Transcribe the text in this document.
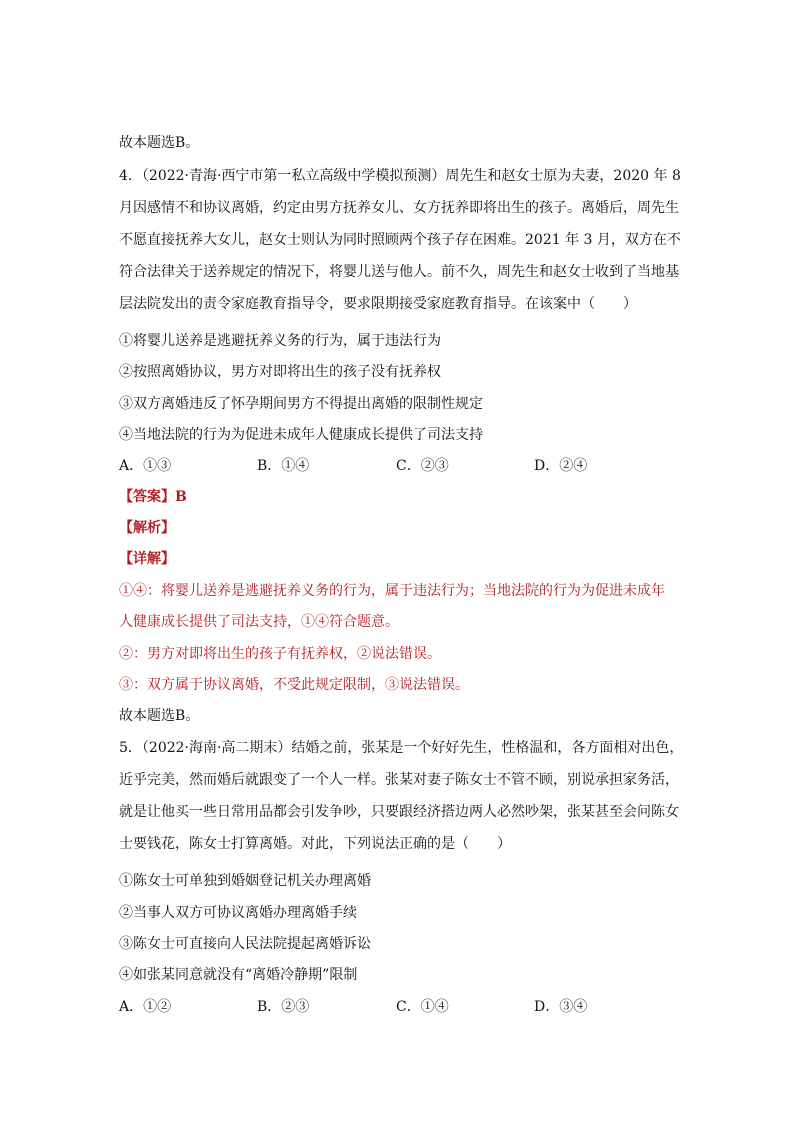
故本题选B。
4．（2022·青海·西宁市第一私立高级中学模拟预测）周先生和赵女士原为夫妻，2020 年 8
月因感情不和协议离婚，约定由男方抚养女儿、女方抚养即将出生的孩子。离婚后，周先生
不愿直接抚养大女儿，赵女士则认为同时照顾两个孩子存在困难。2021 年 3 月，双方在不
符合法律关于送养规定的情况下，将婴儿送与他人。前不久，周先生和赵女士收到了当地基
层法院发出的责令家庭教育指导令，要求限期接受家庭教育指导。在该案中（　　）
①将婴儿送养是逃避抚养义务的行为，属于违法行为
②按照离婚协议，男方对即将出生的孩子没有抚养权
③双方离婚违反了怀孕期间男方不得提出离婚的限制性规定
④当地法院的行为为促进未成年人健康成长提供了司法支持
A．①③	B．①④	C．②③	D．②④
【答案】B
【解析】
【详解】
①④：将婴儿送养是逃避抚养义务的行为，属于违法行为；当地法院的行为为促进未成年
人健康成长提供了司法支持，①④符合题意。
②：男方对即将出生的孩子有抚养权，②说法错误。
③：双方属于协议离婚，不受此规定限制，③说法错误。
故本题选B。
5．（2022·海南·高二期末）结婚之前，张某是一个好好先生，性格温和，各方面相对出色，
近乎完美，然而婚后就跟变了一个人一样。张某对妻子陈女士不管不顾，别说承担家务活，
就是让他买一些日常用品都会引发争吵，只要跟经济搭边两人必然吵架，张某甚至会问陈女
士要钱花，陈女士打算离婚。对此，下列说法正确的是（　　）
①陈女士可单独到婚姻登记机关办理离婚
②当事人双方可协议离婚办理离婚手续
③陈女士可直接向人民法院提起离婚诉讼
④如张某同意就没有“离婚冷静期”限制
A．①②	B．②③	C．①④	D．③④
